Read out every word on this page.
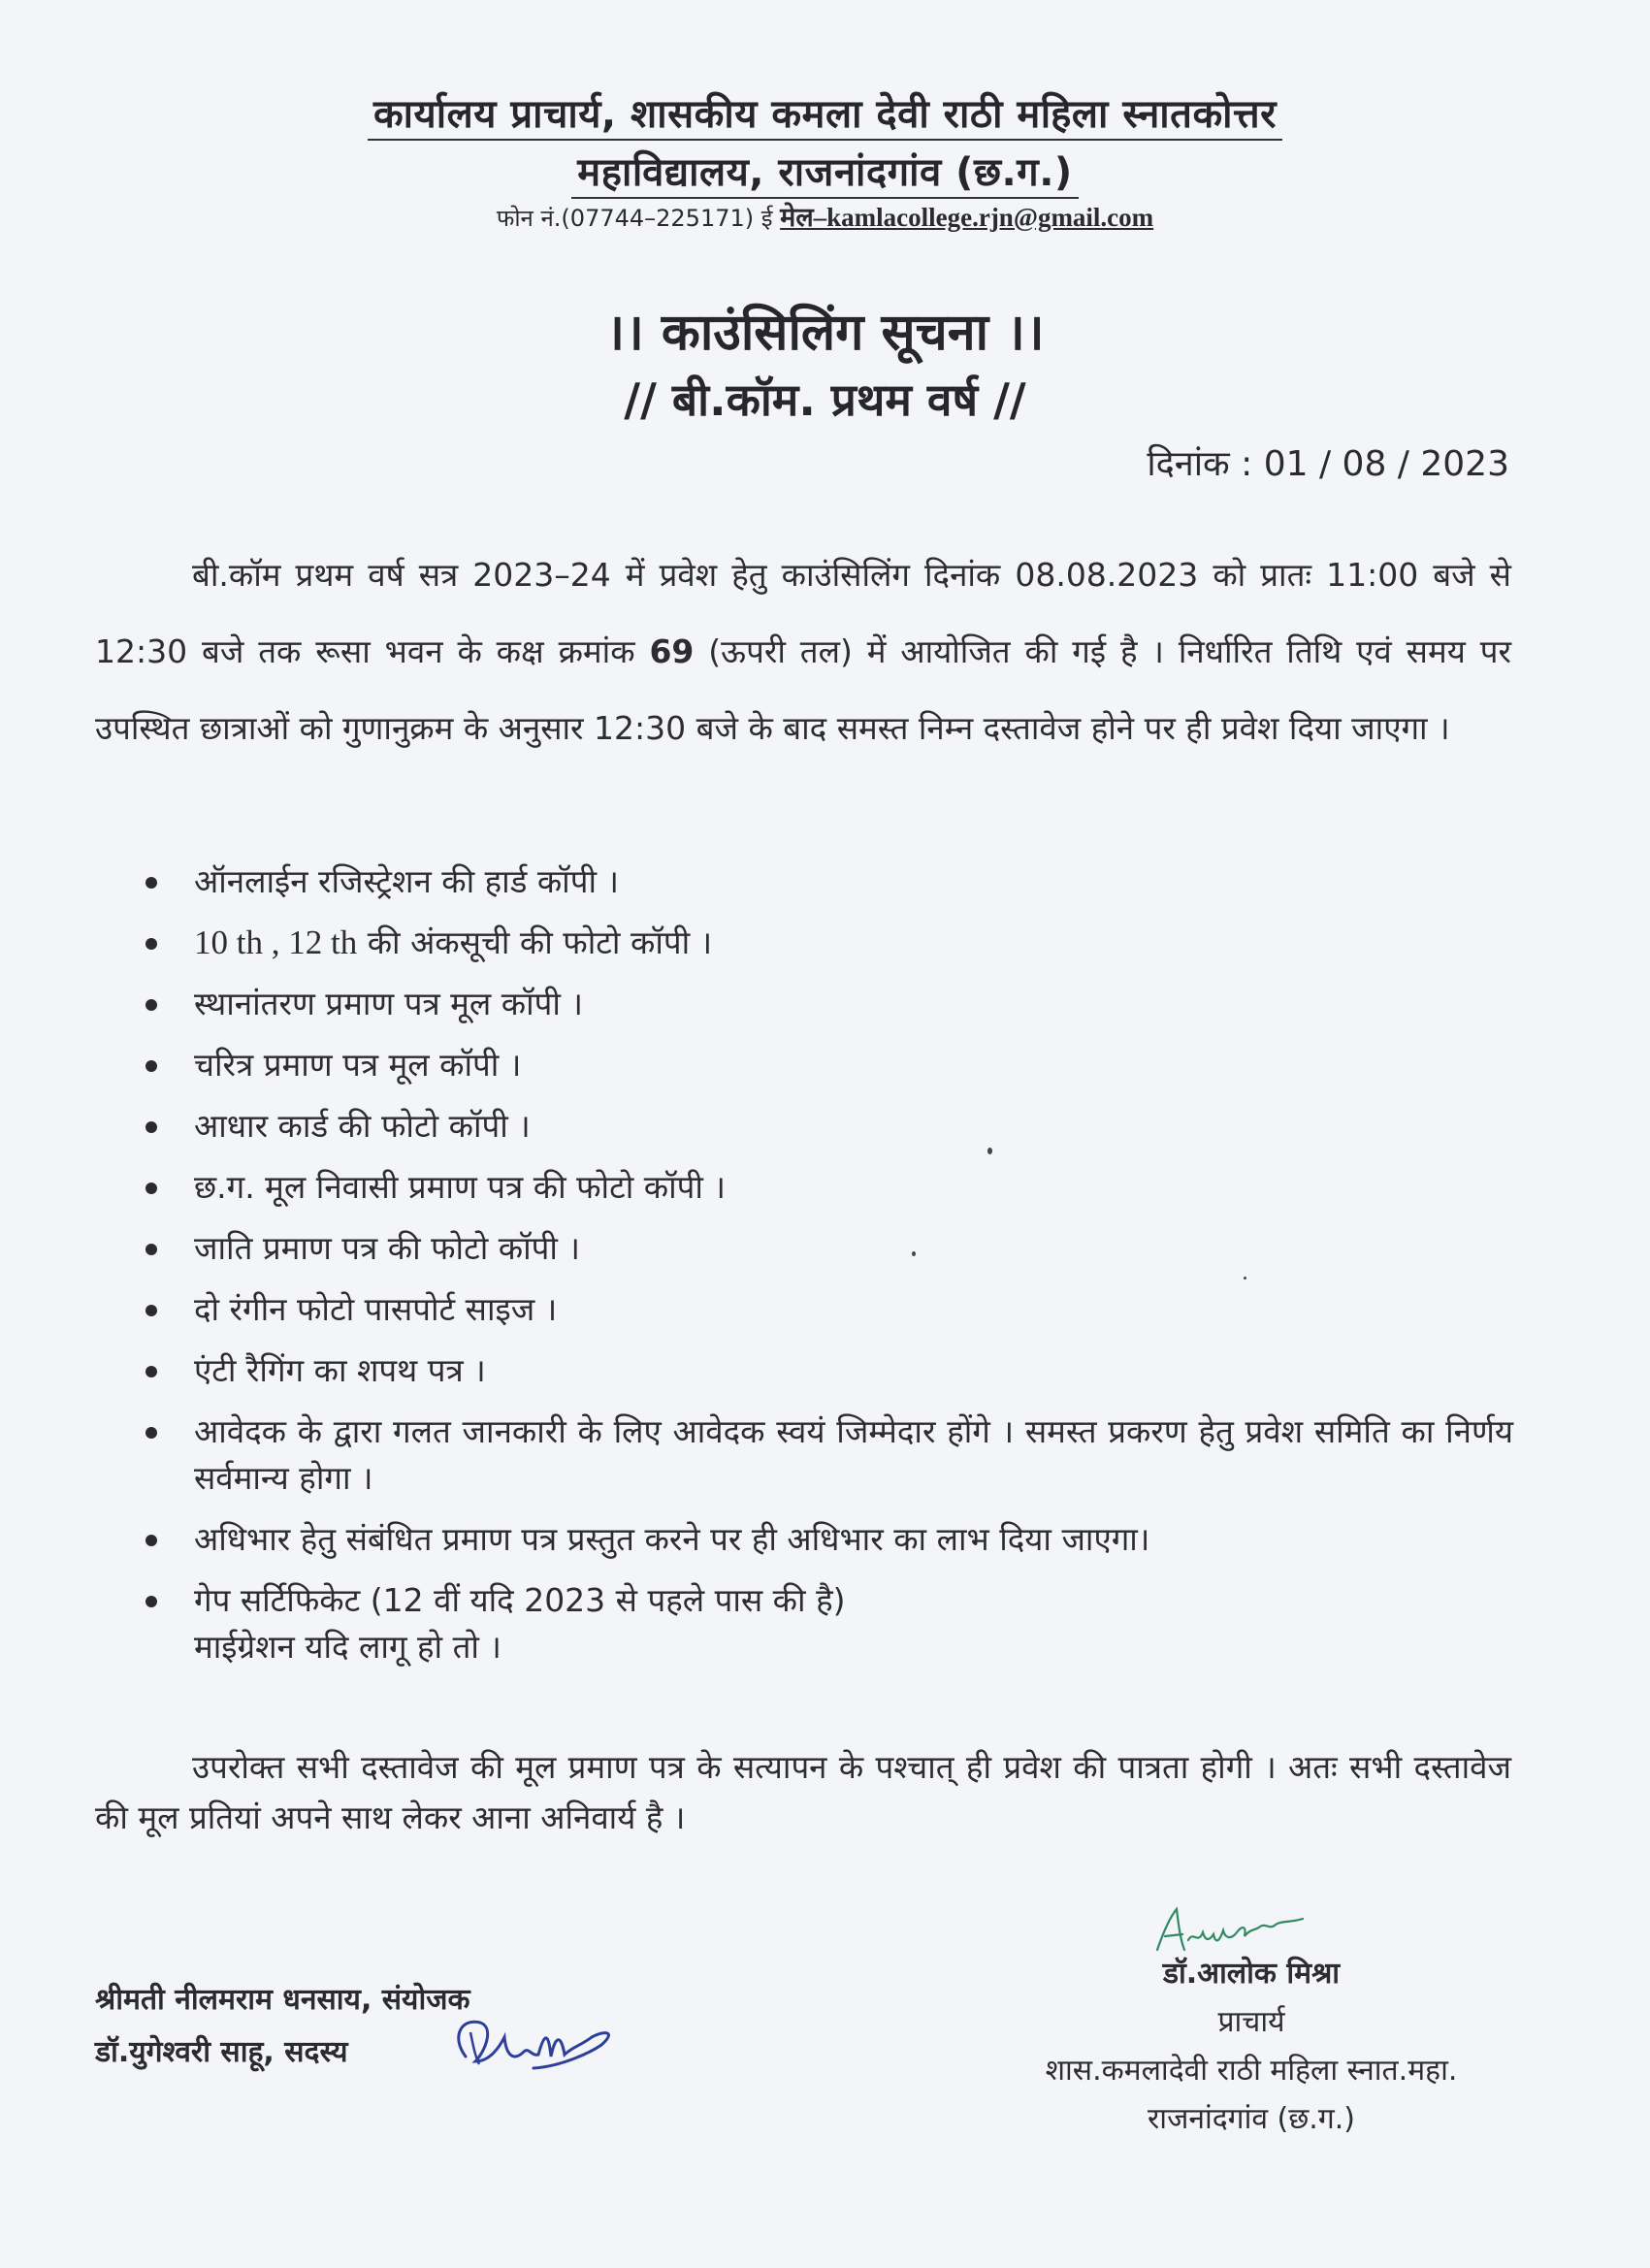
कार्यालय प्राचार्य, शासकीय कमला देवी राठी महिला स्नातकोत्तर
महाविद्यालय, राजनांदगांव (छ.ग.)
फोन नं.(07744–225171) ई मेल–kamlacollege.rjn@gmail.com
।। काउंसिलिंग सूचना ।।
// बी.कॉम. प्रथम वर्ष //
दिनांक : 01 / 08 / 2023
बी.कॉम प्रथम वर्ष सत्र 2023–24 में प्रवेश हेतु काउंसिलिंग दिनांक 08.08.2023 को प्रातः 11:00 बजे से 12:30 बजे तक रूसा भवन के कक्ष क्रमांक 69 (ऊपरी तल) में आयोजित की गई है । निर्धारित तिथि एवं समय पर उपस्थित छात्राओं को गुणानुक्रम के अनुसार 12:30 बजे के बाद समस्त निम्न दस्तावेज होने पर ही प्रवेश दिया जाएगा ।
ऑनलाईन रजिस्ट्रेशन की हार्ड कॉपी ।
10 th , 12 th की अंकसूची की फोटो कॉपी ।
स्थानांतरण प्रमाण पत्र मूल कॉपी ।
चरित्र प्रमाण पत्र मूल कॉपी ।
आधार कार्ड की फोटो कॉपी ।
छ.ग. मूल निवासी प्रमाण पत्र की फोटो कॉपी ।
जाति प्रमाण पत्र की फोटो कॉपी ।
दो रंगीन फोटो पासपोर्ट साइज ।
एंटी रैगिंग का शपथ पत्र ।
आवेदक के द्वारा गलत जानकारी के लिए आवेदक स्वयं जिम्मेदार होंगे । समस्त प्रकरण हेतु प्रवेश समिति का निर्णय सर्वमान्य होगा ।
अधिभार हेतु संबंधित प्रमाण पत्र प्रस्तुत करने पर ही अधिभार का लाभ दिया जाएगा।
गेप सर्टिफिकेट (12 वीं यदि 2023 से पहले पास की है)
माईग्रेशन यदि लागू हो तो ।
उपरोक्त सभी दस्तावेज की मूल प्रमाण पत्र के सत्यापन के पश्चात् ही प्रवेश की पात्रता होगी । अतः सभी दस्तावेज की मूल प्रतियां अपने साथ लेकर आना अनिवार्य है ।
श्रीमती नीलमराम धनसाय, संयोजक
डॉ.युगेश्वरी साहू, सदस्य
डॉ.आलोक मिश्रा
प्राचार्य
शास.कमलादेवी राठी महिला स्नात.महा.
राजनांदगांव (छ.ग.)
